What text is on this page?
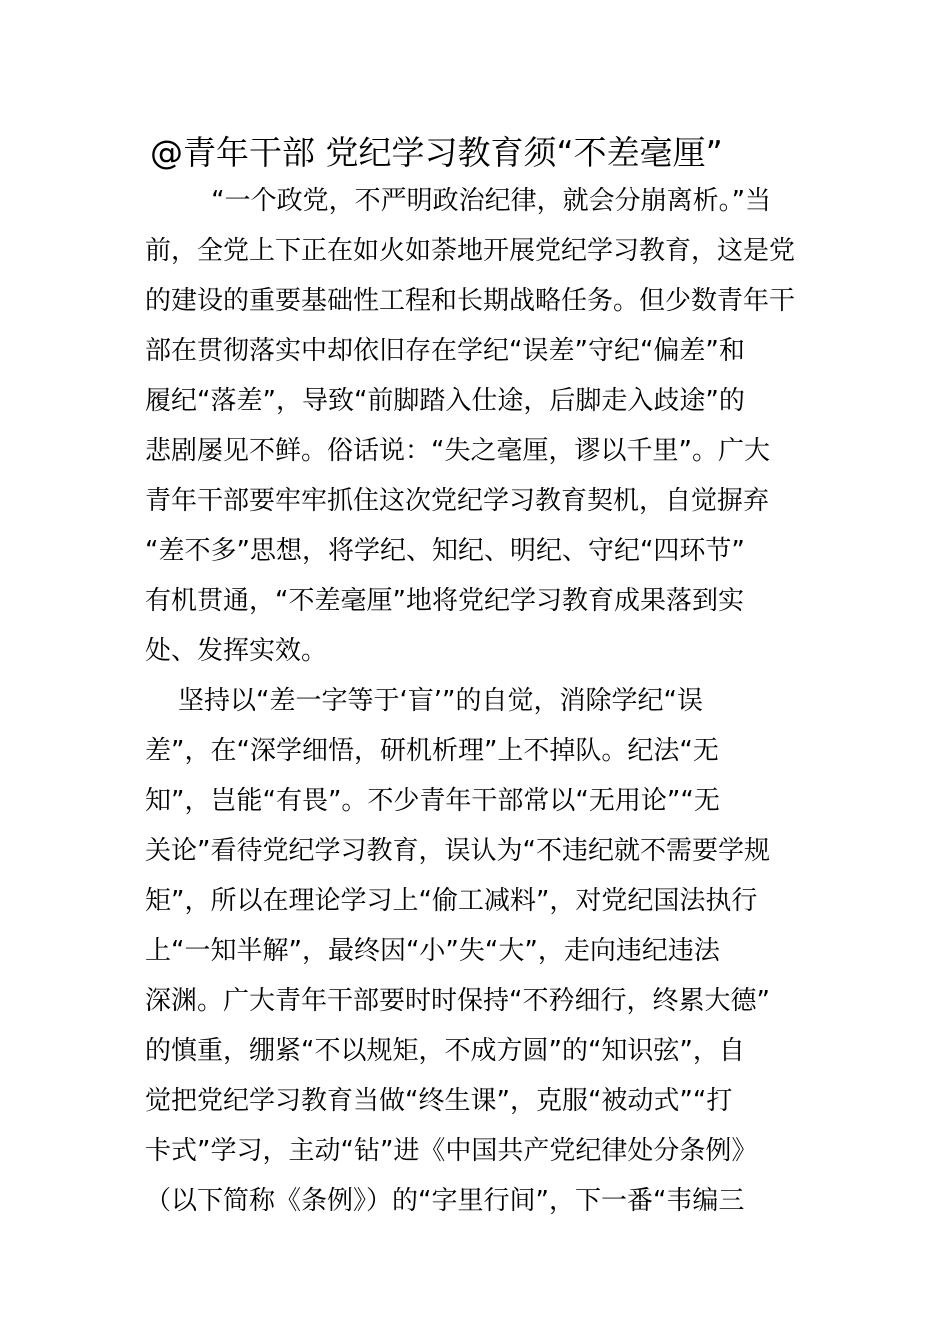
@青年干部 党纪学习教育须“不差毫厘”
“一个政党，不严明政治纪律，就会分崩离析。”当
前，全党上下正在如火如荼地开展党纪学习教育，这是党
的建设的重要基础性工程和长期战略任务。但少数青年干
部在贯彻落实中却依旧存在学纪“误差”守纪“偏差”和
履纪“落差”，导致“前脚踏入仕途，后脚走入歧途”的
悲剧屡见不鲜。俗话说：“失之毫厘，谬以千里”。广大
青年干部要牢牢抓住这次党纪学习教育契机，自觉摒弃
“差不多”思想，将学纪、知纪、明纪、守纪“四环节”
有机贯通，“不差毫厘”地将党纪学习教育成果落到实
处、发挥实效。
坚持以“差一字等于‘盲’”的自觉，消除学纪“误
差”，在“深学细悟，研机析理”上不掉队。纪法“无
知”，岂能“有畏”。不少青年干部常以“无用论”“无
关论”看待党纪学习教育，误认为“不违纪就不需要学规
矩”，所以在理论学习上“偷工减料”，对党纪国法执行
上“一知半解”，最终因“小”失“大”，走向违纪违法
深渊。广大青年干部要时时保持“不矜细行，终累大德”
的慎重，绷紧“不以规矩，不成方圆”的“知识弦”，自
觉把党纪学习教育当做“终生课”，克服“被动式”“打
卡式”学习，主动“钻”进《中国共产党纪律处分条例》
（以下简称《条例》）的“字里行间”，下一番“韦编三
